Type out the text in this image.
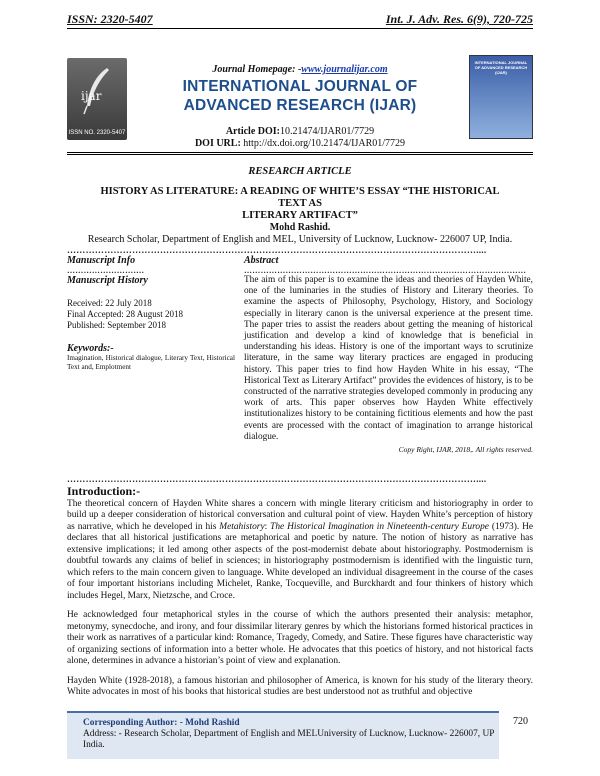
ISSN: 2320-5407	Int. J. Adv. Res. 6(9), 720-725
ijar
ISSN NO. 2320-5407
Journal Homepage: -www.journalijar.com
INTERNATIONAL JOURNAL OF
ADVANCED RESEARCH (IJAR)
Article DOI:10.21474/IJAR01/7729
DOI URL: http://dx.doi.org/10.21474/IJAR01/7729
INTERNATIONAL JOURNAL OF ADVANCED RESEARCH (IJAR)
RESEARCH ARTICLE
HISTORY AS LITERATURE: A READING OF WHITE’S ESSAY “THE HISTORICAL TEXT AS
LITERARY ARTIFACT”
Mohd Rashid.
Research Scholar, Department of English and MEL, University of Lucknow, Lucknow- 226007 UP, India.
……………………………………………………………………………………………………………………....
Manuscript Info
……………………….
Manuscript History
Received: 22 July 2018
Final Accepted: 28 August 2018
Published: September 2018
Keywords:-
Imagination, Historical dialogue, Literary Text, Historical Text and, Emplotment
Abstract
…………………………………………………………………………………………
The aim of this paper is to examine the ideas and theories of Hayden White, one of the luminaries in the studies of History and Literary theories. To examine the aspects of Philosophy, Psychology, History, and Sociology especially in literary canon is the universal experience at the present time. The paper tries to assist the readers about getting the meaning of historical justification and develop a kind of knowledge that is beneficial in understanding his ideas. History is one of the important ways to scrutinize literature, in the same way literary practices are engaged in producing history. This paper tries to find how Hayden White in his essay, “The Historical Text as Literary Artifact” provides the evidences of history, is to be constructed of the narrative strategies developed commonly in producing any work of arts. This paper observes how Hayden White effectively institutionalizes history to be containing fictitious elements and how the past events are processed with the contact of imagination to arrange historical dialogue.
Copy Right, IJAR, 2018,. All rights reserved.
……………………………………………………………………………………………………………………....
Introduction:-

The theoretical concern of Hayden White shares a concern with mingle literary criticism and historiography in order to build up a deeper consideration of historical conversation and cultural point of view. Hayden White’s perception of history as narrative, which he developed in his Metahistory: The Historical Imagination in Nineteenth-century Europe (1973). He declares that all historical justifications are metaphorical and poetic by nature. The notion of history as narrative has extensive implications; it led among other aspects of the post-modernist debate about historiography. Postmodernism is doubtful towards any claims of belief in sciences; in historiography postmodernism is identified with the linguistic turn, which refers to the main concern given to language. White developed an individual disagreement in the course of the cases of four important historians including Michelet, Ranke, Tocqueville, and Burckhardt and four thinkers of history which includes Hegel, Marx, Nietzsche, and Croce.

He acknowledged four metaphorical styles in the course of which the authors presented their analysis: metaphor, metonymy, synecdoche, and irony, and four dissimilar literary genres by which the historians formed historical practices in their work as narratives of a particular kind: Romance, Tragedy, Comedy, and Satire. These figures have characteristic way of organizing sections of information into a better whole. He advocates that this poetics of history, and not historical facts alone, determines in advance a historian’s point of view and explanation.

Hayden White (1928-2018), a famous historian and philosopher of America, is known for his study of the literary theory. White advocates in most of his books that historical studies are best understood not as truthful and objective

Corresponding Author: - Mohd Rashid
Address: - Research Scholar, Department of English and MELUniversity of Lucknow, Lucknow- 226007, UP India.
720
